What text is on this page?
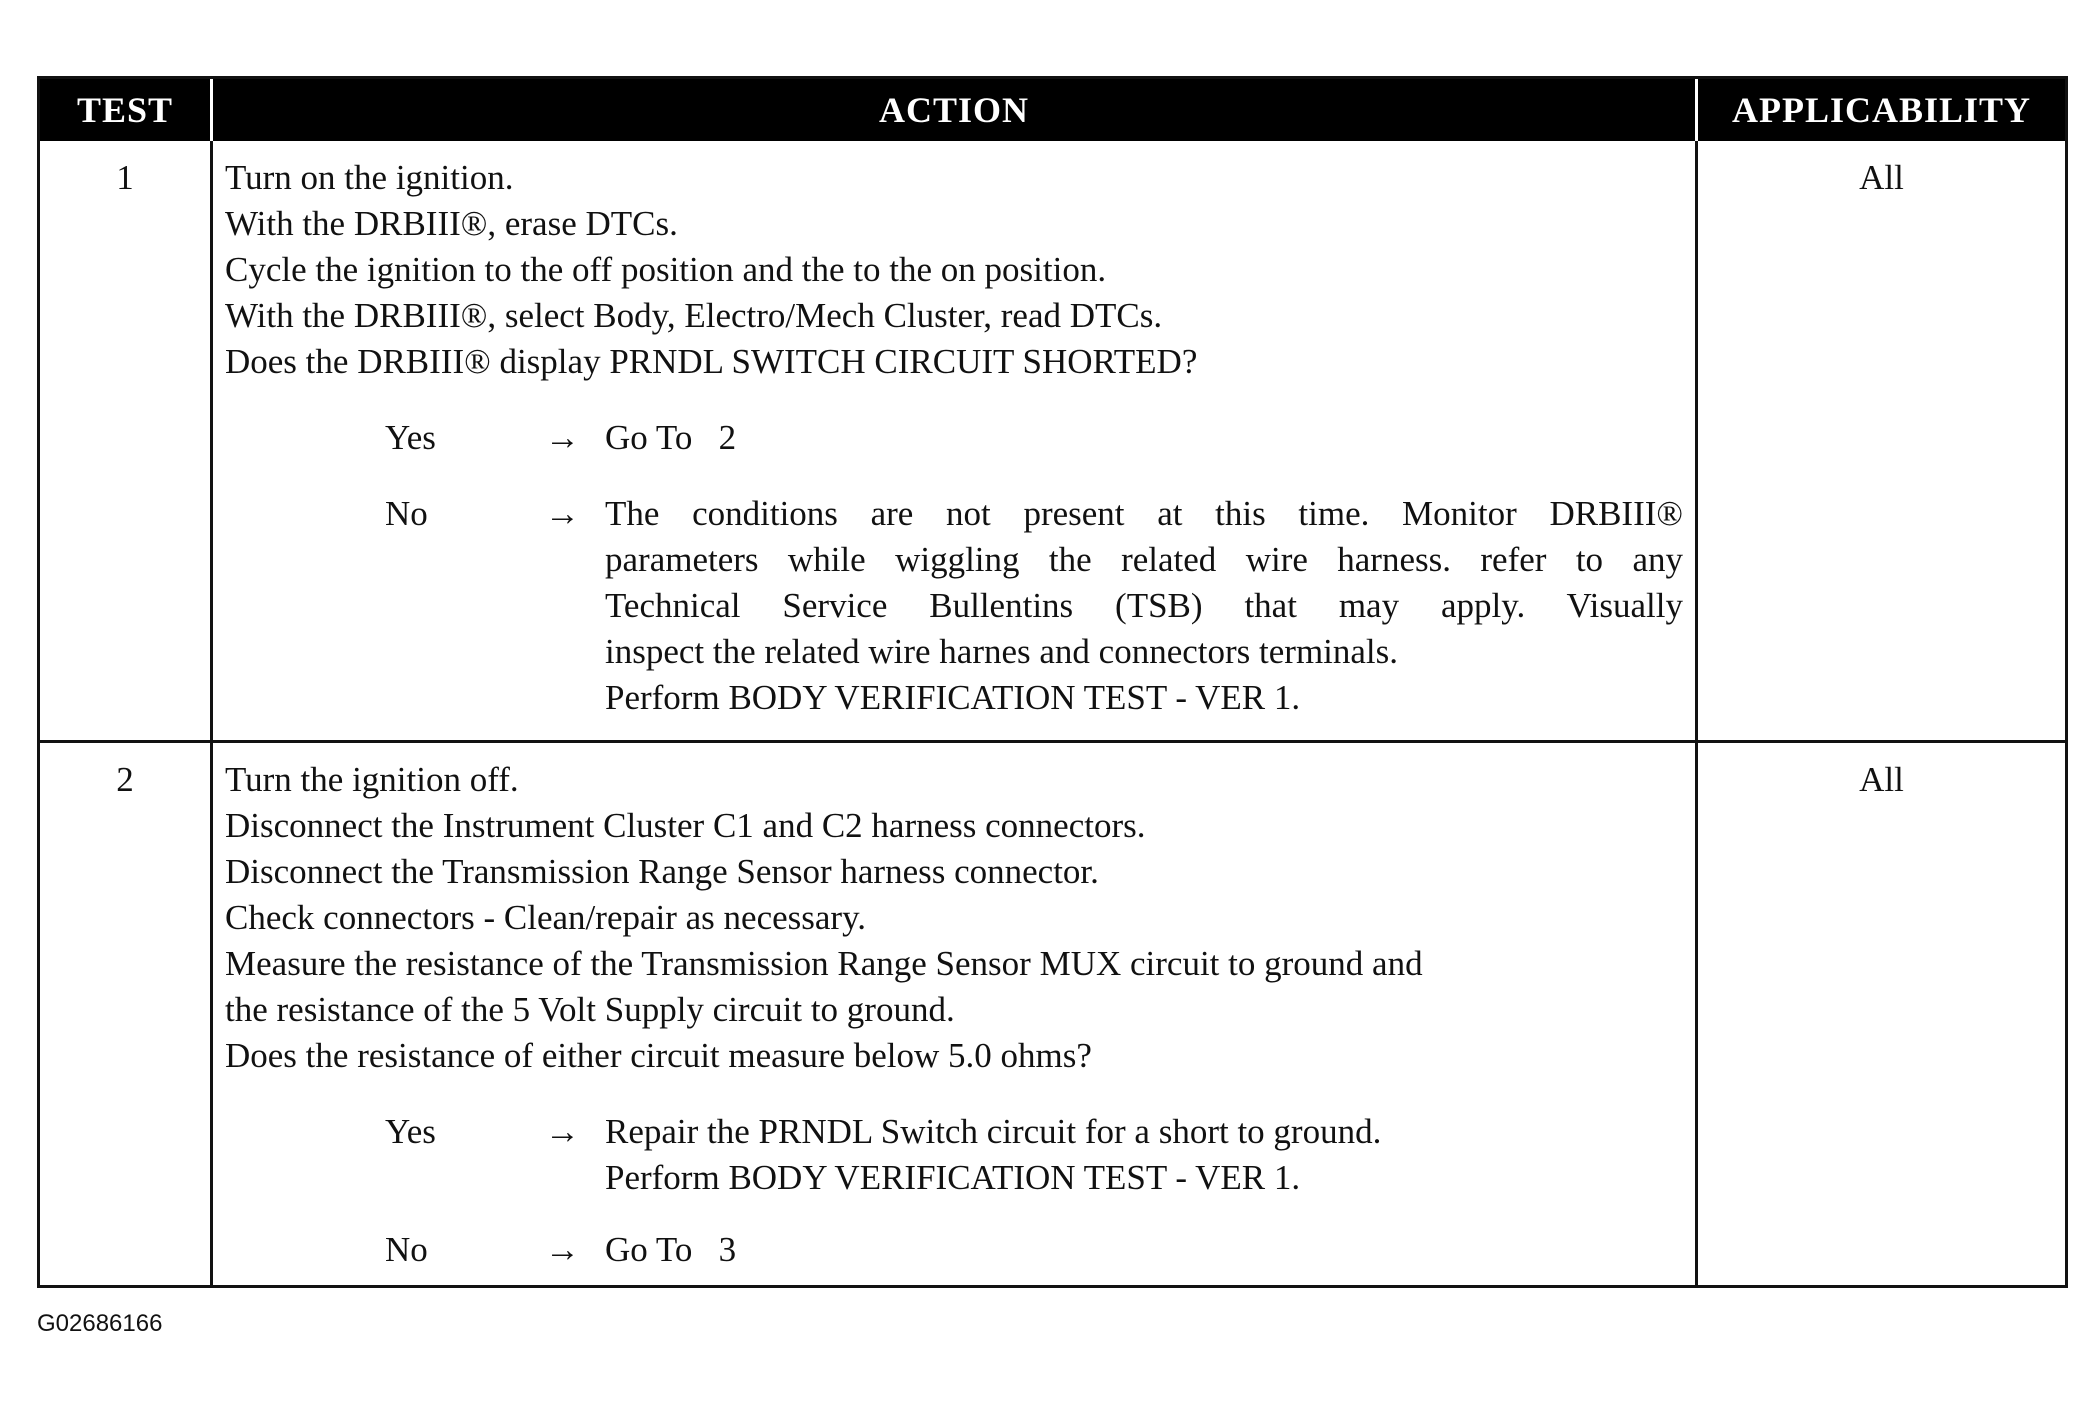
TEST	ACTION	APPLICABILITY
1	Turn on the ignition.
With the DRBIII®, erase DTCs.
Cycle the ignition to the off position and the to the on position.
With the DRBIII®, select Body, Electro/Mech Cluster, read DTCs.
Does the DRBIII® display PRNDL SWITCH CIRCUIT SHORTED?
Yes	→ Go To   2
No	→ The conditions are not present at this time. Monitor DRBIII®
parameters while wiggling the related wire harness. refer to any
Technical Service Bullentins (TSB) that may apply. Visually
inspect the related wire harnes and connectors terminals.
Perform BODY VERIFICATION TEST - VER 1.
All
2	Turn the ignition off.
Disconnect the Instrument Cluster C1 and C2 harness connectors.
Disconnect the Transmission Range Sensor harness connector.
Check connectors - Clean/repair as necessary.
Measure the resistance of the Transmission Range Sensor MUX circuit to ground and
the resistance of the 5 Volt Supply circuit to ground.
Does the resistance of either circuit measure below 5.0 ohms?
Yes	→ Repair the PRNDL Switch circuit for a short to ground.
Perform BODY VERIFICATION TEST - VER 1.
No	→ Go To   3
All
G02686166
